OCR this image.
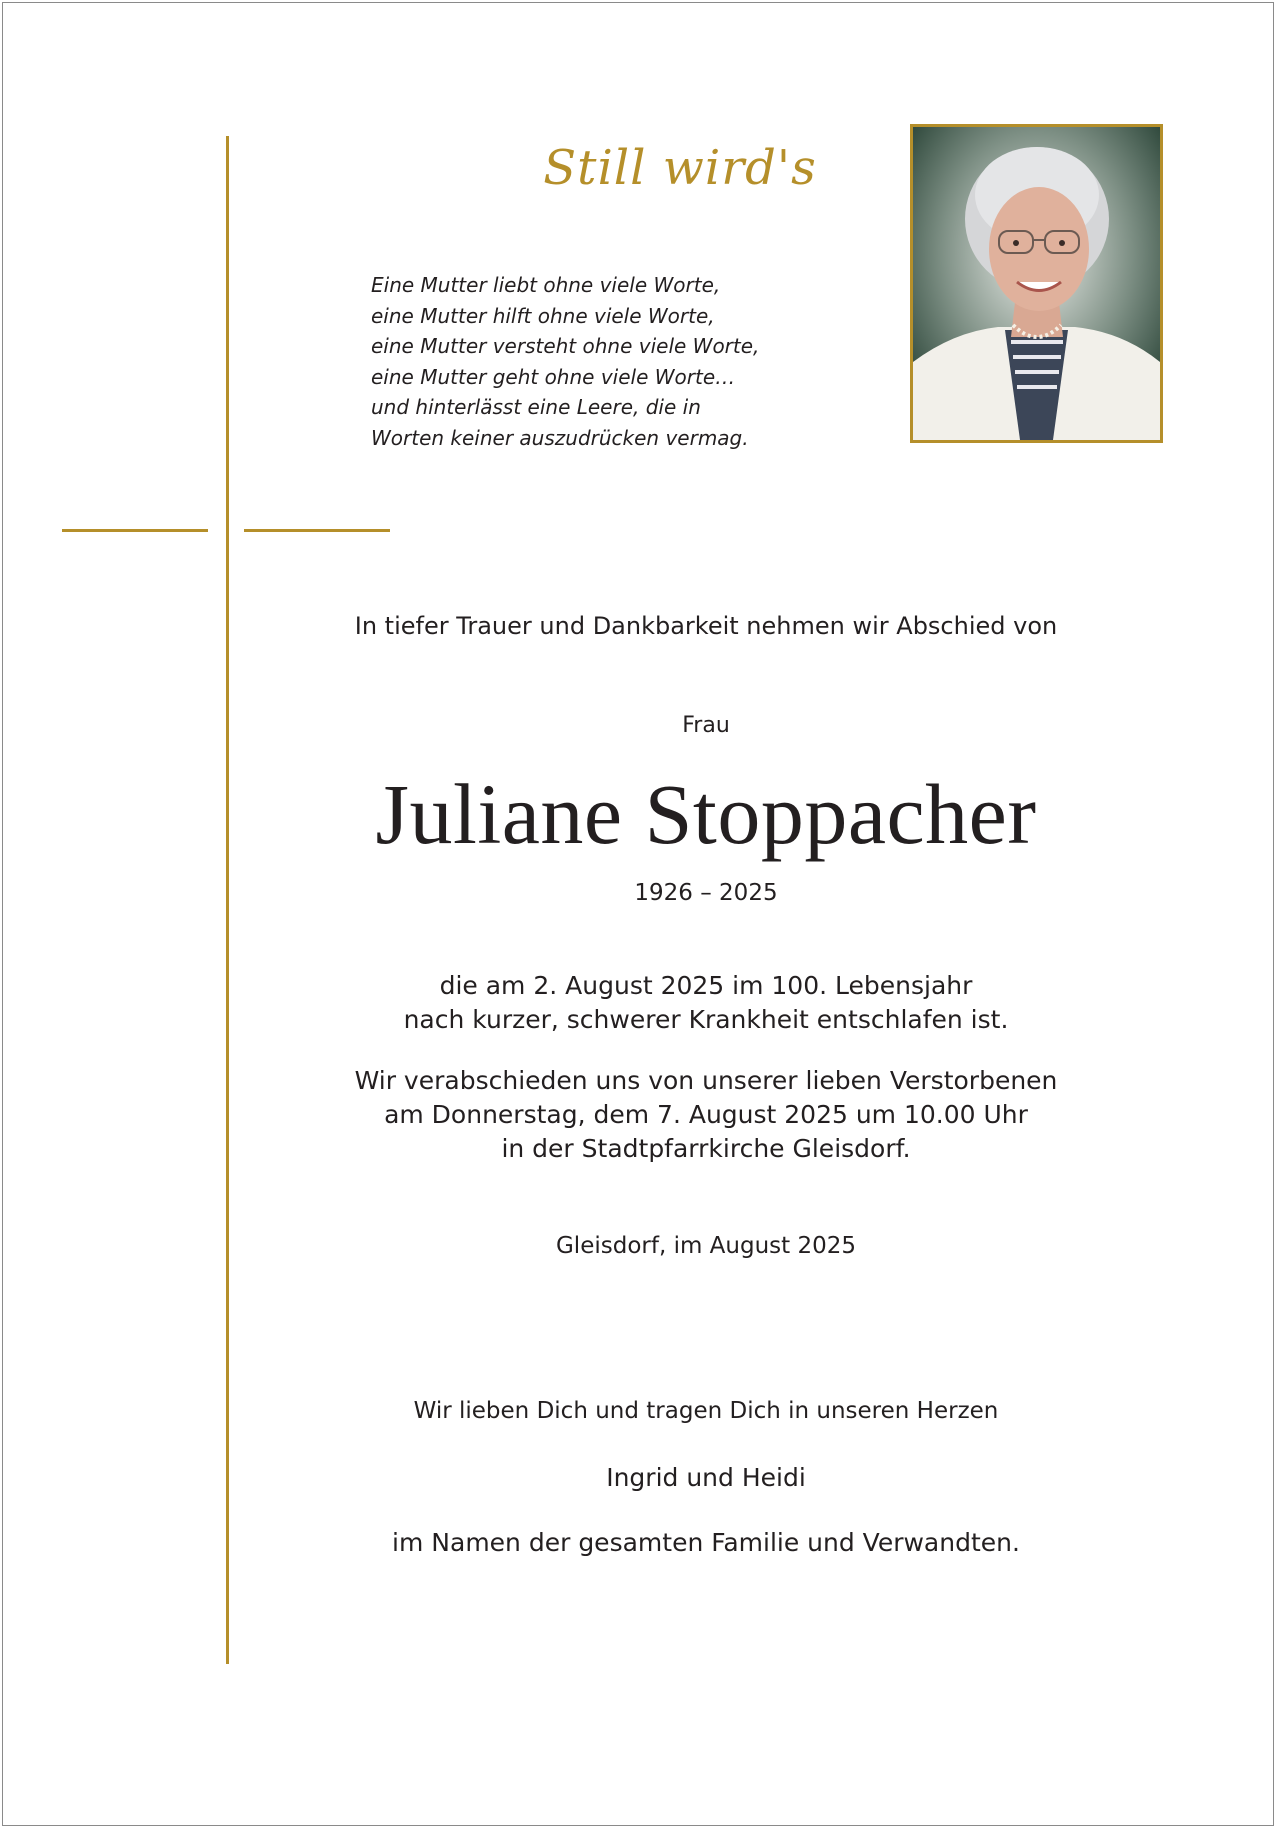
Still wird's
Eine Mutter liebt ohne viele Worte,
eine Mutter hilft ohne viele Worte,
eine Mutter versteht ohne viele Worte,
eine Mutter geht ohne viele Worte…
und hinterlässt eine Leere, die in
Worten keiner auszudrücken vermag.
In tiefer Trauer und Dankbarkeit nehmen wir Abschied von
Frau
Juliane Stoppacher
1926 – 2025
die am 2. August 2025 im 100. Lebensjahr
nach kurzer, schwerer Krankheit entschlafen ist.
Wir verabschieden uns von unserer lieben Verstorbenen
am Donnerstag, dem 7. August 2025 um 10.00 Uhr
in der Stadtpfarrkirche Gleisdorf.
Gleisdorf, im August 2025
Wir lieben Dich und tragen Dich in unseren Herzen
Ingrid und Heidi
im Namen der gesamten Familie und Verwandten.
